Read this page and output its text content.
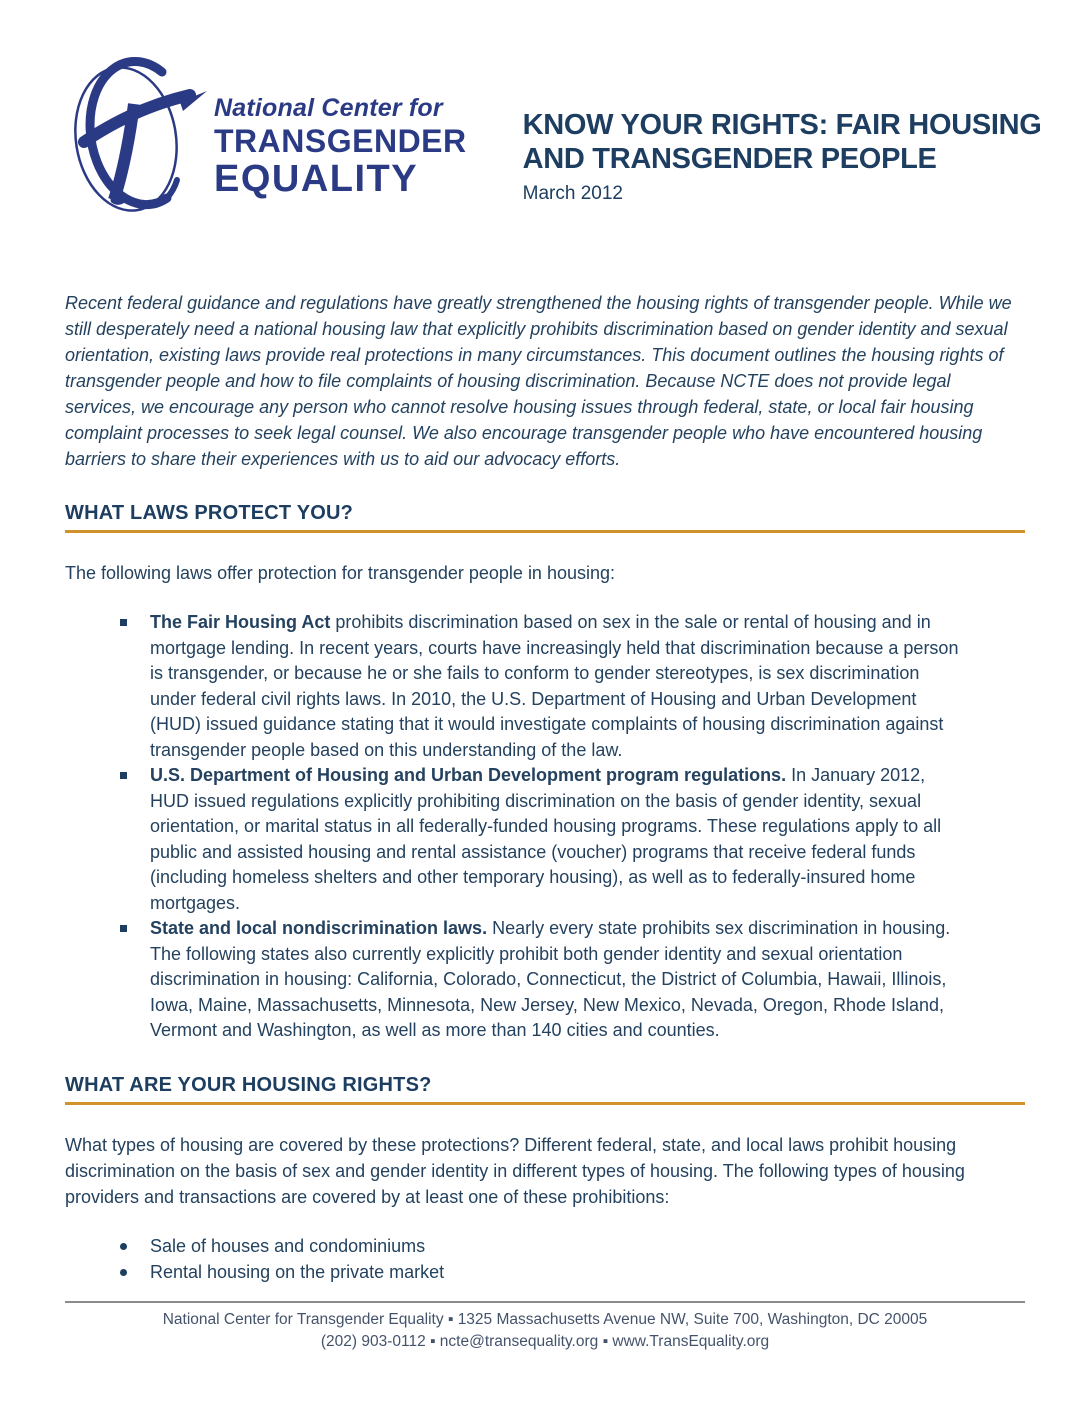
National Center for
TRANSGENDER
EQUALITY
KNOW YOUR RIGHTS: FAIR HOUSING
AND TRANSGENDER PEOPLE
March 2012

Recent federal guidance and regulations have greatly strengthened the housing rights of transgender people. While we still desperately need a national housing law that explicitly prohibits discrimination based on gender identity and sexual orientation, existing laws provide real protections in many circumstances. This document outlines the housing rights of transgender people and how to file complaints of housing discrimination. Because NCTE does not provide legal services, we encourage any person who cannot resolve housing issues through federal, state, or local fair housing complaint processes to seek legal counsel. We also encourage transgender people who have encountered housing barriers to share their experiences with us to aid our advocacy efforts.

WHAT LAWS PROTECT YOU?

The following laws offer protection for transgender people in housing:

The Fair Housing Act prohibits discrimination based on sex in the sale or rental of housing and in mortgage lending. In recent years, courts have increasingly held that discrimination because a person is transgender, or because he or she fails to conform to gender stereotypes, is sex discrimination under federal civil rights laws. In 2010, the U.S. Department of Housing and Urban Development (HUD) issued guidance stating that it would investigate complaints of housing discrimination against transgender people based on this understanding of the law.

U.S. Department of Housing and Urban Development program regulations. In January 2012, HUD issued regulations explicitly prohibiting discrimination on the basis of gender identity, sexual orientation, or marital status in all federally-funded housing programs. These regulations apply to all public and assisted housing and rental assistance (voucher) programs that receive federal funds (including homeless shelters and other temporary housing), as well as to federally-insured home mortgages.

State and local nondiscrimination laws. Nearly every state prohibits sex discrimination in housing. The following states also currently explicitly prohibit both gender identity and sexual orientation discrimination in housing: California, Colorado, Connecticut, the District of Columbia, Hawaii, Illinois, Iowa, Maine, Massachusetts, Minnesota, New Jersey, New Mexico, Nevada, Oregon, Rhode Island, Vermont and Washington, as well as more than 140 cities and counties.

WHAT ARE YOUR HOUSING RIGHTS?

What types of housing are covered by these protections? Different federal, state, and local laws prohibit housing discrimination on the basis of sex and gender identity in different types of housing. The following types of housing providers and transactions are covered by at least one of these prohibitions:

Sale of houses and condominiums

Rental housing on the private market

National Center for Transgender Equality ▪ 1325 Massachusetts Avenue NW, Suite 700, Washington, DC 20005
(202) 903-0112 ▪ ncte@transequality.org ▪ www.TransEquality.org
